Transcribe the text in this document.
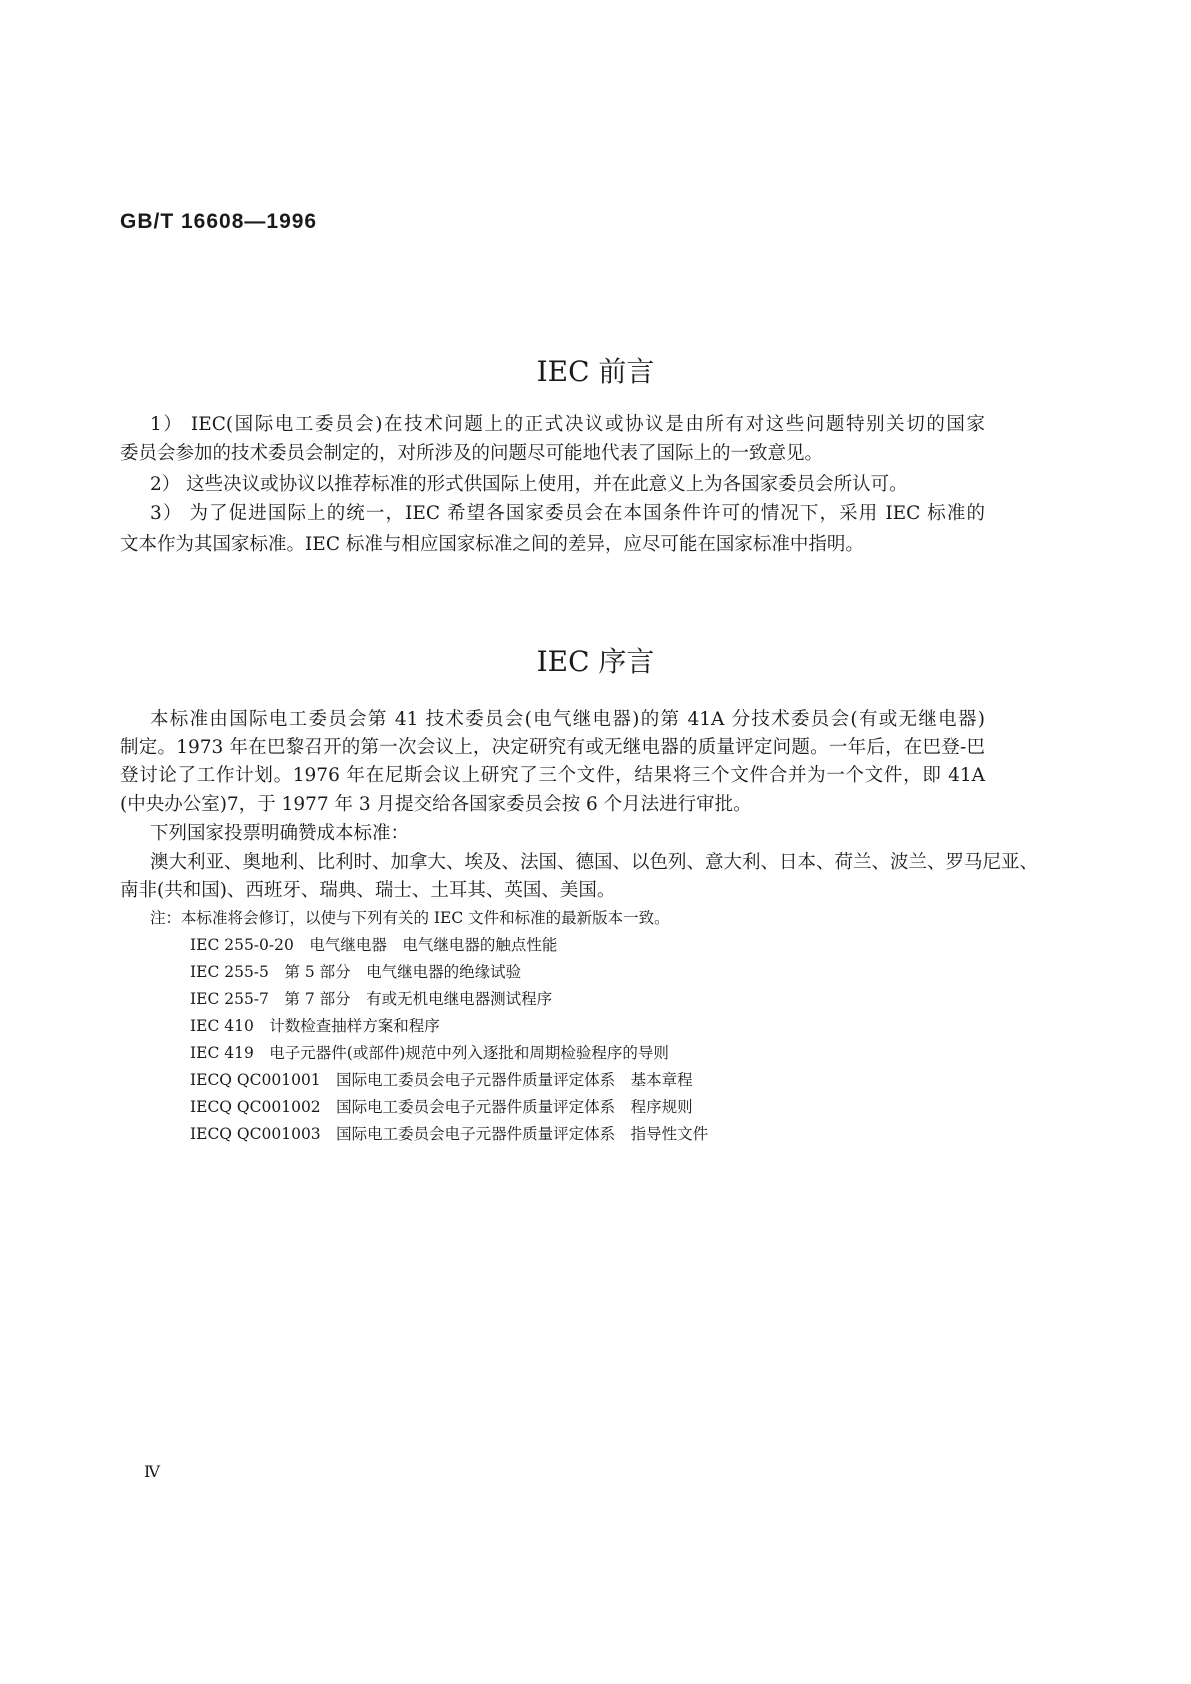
GB/T 16608—1996
IEC 前言
1） IEC(国际电工委员会)在技术问题上的正式决议或协议是由所有对这些问题特别关切的国家
委员会参加的技术委员会制定的，对所涉及的问题尽可能地代表了国际上的一致意见。
2） 这些决议或协议以推荐标准的形式供国际上使用，并在此意义上为各国家委员会所认可。
3） 为了促进国际上的统一，IEC 希望各国家委员会在本国条件许可的情况下，采用 IEC 标准的
文本作为其国家标准。IEC 标准与相应国家标准之间的差异，应尽可能在国家标准中指明。
IEC 序言
本标准由国际电工委员会第 41 技术委员会(电气继电器)的第 41A 分技术委员会(有或无继电器)
制定。1973 年在巴黎召开的第一次会议上，决定研究有或无继电器的质量评定问题。一年后，在巴登-巴
登讨论了工作计划。1976 年在尼斯会议上研究了三个文件，结果将三个文件合并为一个文件，即 41A
(中央办公室)7，于 1977 年 3 月提交给各国家委员会按 6 个月法进行审批。
下列国家投票明确赞成本标准：
澳大利亚、奥地利、比利时、加拿大、埃及、法国、德国、以色列、意大利、日本、荷兰、波兰、罗马尼亚、
南非(共和国)、西班牙、瑞典、瑞士、土耳其、英国、美国。
注：本标准将会修订，以使与下列有关的 IEC 文件和标准的最新版本一致。
IEC 255-0-20　电气继电器　电气继电器的触点性能
IEC 255-5　第 5 部分　电气继电器的绝缘试验
IEC 255-7　第 7 部分　有或无机电继电器测试程序
IEC 410　计数检查抽样方案和程序
IEC 419　电子元器件(或部件)规范中列入逐批和周期检验程序的导则
IECQ QC001001　国际电工委员会电子元器件质量评定体系　基本章程
IECQ QC001002　国际电工委员会电子元器件质量评定体系　程序规则
IECQ QC001003　国际电工委员会电子元器件质量评定体系　指导性文件
Ⅳ
